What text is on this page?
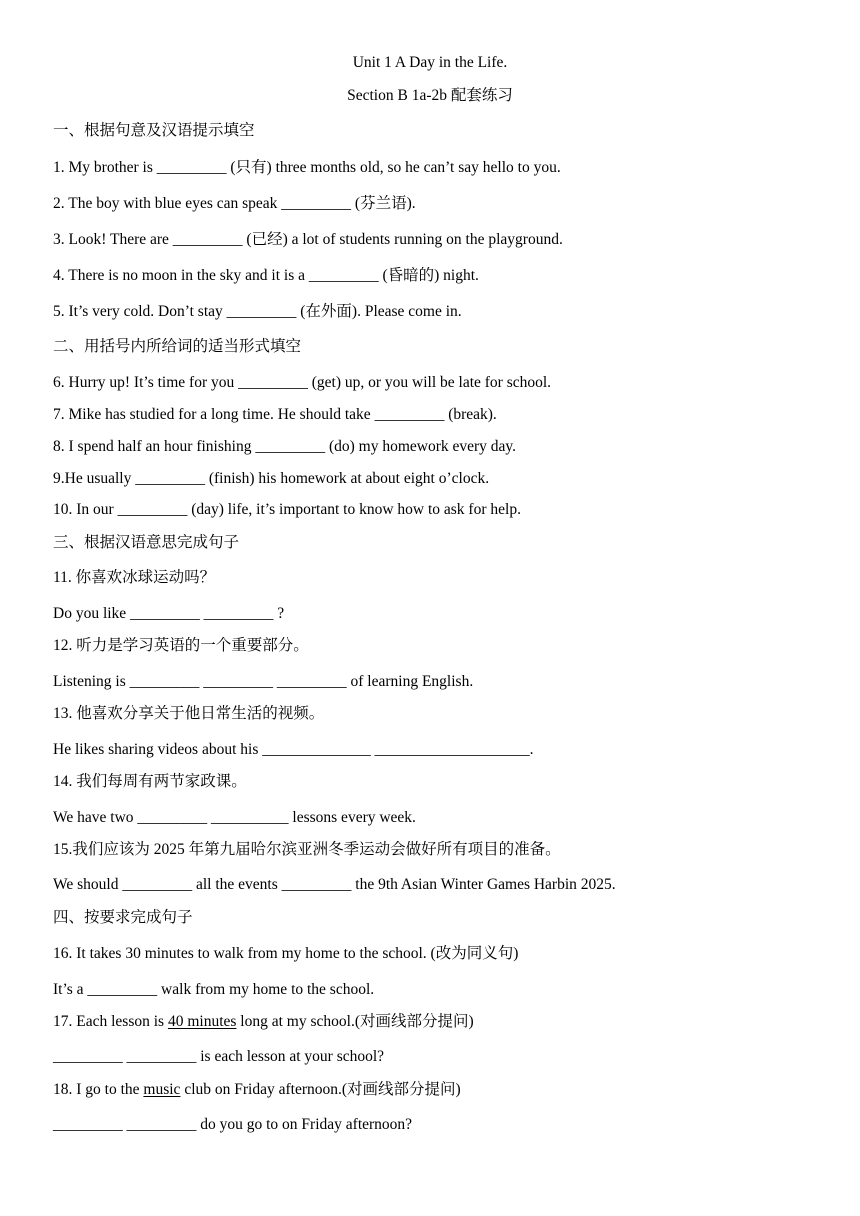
Unit 1 A Day in the Life.
Section B 1a-2b 配套练习
一、根据句意及汉语提示填空
1. My brother is _________ (只有) three months old, so he can’t say hello to you.
2. The boy with blue eyes can speak _________ (芬兰语).
3. Look! There are _________ (已经) a lot of students running on the playground.
4. There is no moon in the sky and it is a _________ (昏暗的) night.
5. It’s very cold. Don’t stay _________ (在外面). Please come in.
二、用括号内所给词的适当形式填空
6. Hurry up! It’s time for you _________ (get) up, or you will be late for school.
7. Mike has studied for a long time. He should take _________ (break).
8. I spend half an hour finishing _________ (do) my homework every day.
9.He usually _________ (finish) his homework at about eight o’clock.
10. In our _________ (day) life, it’s important to know how to ask for help.
三、根据汉语意思完成句子
11. 你喜欢冰球运动吗？
Do you like _________ _________ ?
12. 听力是学习英语的一个重要部分。
Listening is _________ _________ _________ of learning English.
13. 他喜欢分享关于他日常生活的视频。
He likes sharing videos about his ______________ ____________________.
14. 我们每周有两节家政课。
We have two _________ __________ lessons every week.
15.我们应该为 2025 年第九届哈尔滨亚洲冬季运动会做好所有项目的准备。
We should _________ all the events _________ the 9th Asian Winter Games Harbin 2025.
四、按要求完成句子
16. It takes 30 minutes to walk from my home to the school. (改为同义句)
It’s a _________ walk from my home to the school.
17. Each lesson is 40 minutes long at my school.(对画线部分提问)
_________ _________ is each lesson at your school?
18. I go to the music club on Friday afternoon.(对画线部分提问)
_________ _________ do you go to on Friday afternoon?
